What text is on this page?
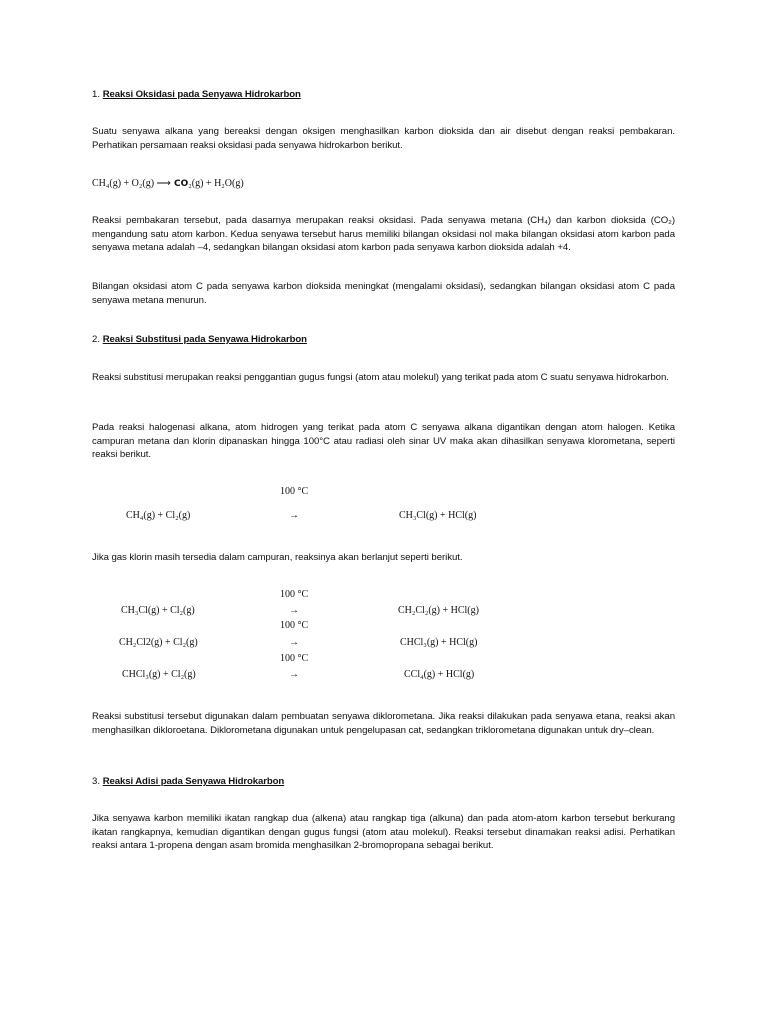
1. Reaksi Oksidasi pada Senyawa Hidrokarbon
Suatu senyawa alkana yang bereaksi dengan oksigen menghasilkan karbon dioksida dan air disebut dengan reaksi pembakaran. Perhatikan persamaan reaksi oksidasi pada senyawa hidrokarbon berikut.
CH₄(g) + O₂(g) ⟶ CO₂(g) + H₂O(g)
Reaksi pembakaran tersebut, pada dasarnya merupakan reaksi oksidasi. Pada senyawa metana (CH₄) dan karbon dioksida (CO₂) mengandung satu atom karbon. Kedua senyawa tersebut harus memiliki bilangan oksidasi nol maka bilangan oksidasi atom karbon pada senyawa metana adalah –4, sedangkan bilangan oksidasi atom karbon pada senyawa karbon dioksida adalah +4.
Bilangan oksidasi atom C pada senyawa karbon dioksida meningkat (mengalami oksidasi), sedangkan bilangan oksidasi atom C pada senyawa metana menurun.
2. Reaksi Substitusi pada Senyawa Hidrokarbon
Reaksi substitusi merupakan reaksi penggantian gugus fungsi (atom atau molekul) yang terikat pada atom C suatu senyawa hidrokarbon.
Pada reaksi halogenasi alkana, atom hidrogen yang terikat pada atom C senyawa alkana digantikan dengan atom halogen. Ketika campuran metana dan klorin dipanaskan hingga 100°C atau radiasi oleh sinar UV maka akan dihasilkan senyawa klorometana, seperti reaksi berikut.
100 °C
CH₄(g) + Cl₂(g)	→	CH₃Cl(g) + HCl(g)
Jika gas klorin masih tersedia dalam campuran, reaksinya akan berlanjut seperti berikut.
100 °C
CH₃Cl(g) + Cl₂(g)	→	CH₂Cl₂(g) + HCl(g)
100 °C
CH₂Cl2(g) + Cl₂(g)	→	CHCl₃(g) + HCl(g)
100 °C
CHCl₃(g) + Cl₂(g)	→	CCl₄(g) + HCl(g)
Reaksi substitusi tersebut digunakan dalam pembuatan senyawa diklorometana. Jika reaksi dilakukan pada senyawa etana, reaksi akan menghasilkan dikloroetana. Diklorometana digunakan untuk pengelupasan cat, sedangkan triklorometana digunakan untuk dry–clean.
3. Reaksi Adisi pada Senyawa Hidrokarbon
Jika senyawa karbon memiliki ikatan rangkap dua (alkena) atau rangkap tiga (alkuna) dan pada atom-atom karbon tersebut berkurang ikatan rangkapnya, kemudian digantikan dengan gugus fungsi (atom atau molekul). Reaksi tersebut dinamakan reaksi adisi. Perhatikan reaksi antara 1-propena dengan asam bromida menghasilkan 2-bromopropana sebagai berikut.
